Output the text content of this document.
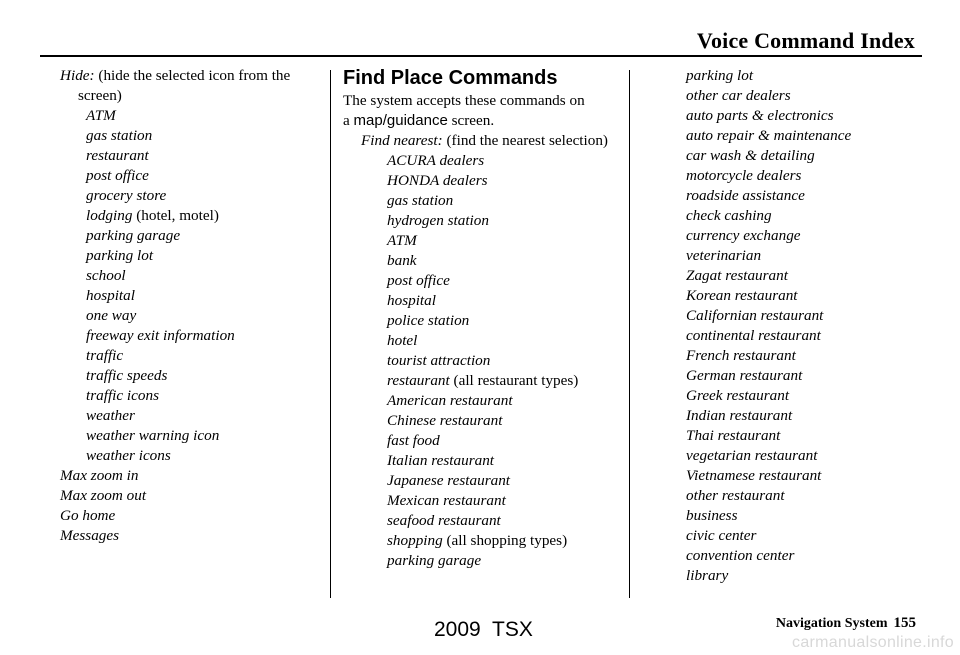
Voice Command Index
Hide: (hide the selected icon from the screen)
ATM
gas station
restaurant
post office
grocery store
lodging (hotel, motel)
parking garage
parking lot
school
hospital
one way
freeway exit information
traffic
traffic speeds
traffic icons
weather
weather warning icon
weather icons
Max zoom in
Max zoom out
Go home
Messages
Find Place Commands
The system accepts these commands on
a map/guidance screen.
Find nearest: (find the nearest selection)
ACURA dealers
HONDA dealers
gas station
hydrogen station
ATM
bank
post office
hospital
police station
hotel
tourist attraction
restaurant (all restaurant types)
American restaurant
Chinese restaurant
fast food
Italian restaurant
Japanese restaurant
Mexican restaurant
seafood restaurant
shopping (all shopping types)
parking garage
parking lot
other car dealers
auto parts & electronics
auto repair & maintenance
car wash & detailing
motorcycle dealers
roadside assistance
check cashing
currency exchange
veterinarian
Zagat restaurant
Korean restaurant
Californian restaurant
continental restaurant
French restaurant
German restaurant
Greek restaurant
Indian restaurant
Thai restaurant
vegetarian restaurant
Vietnamese restaurant
other restaurant
business
civic center
convention center
library
Navigation System 155
2009  TSX
carmanualsonline.info
